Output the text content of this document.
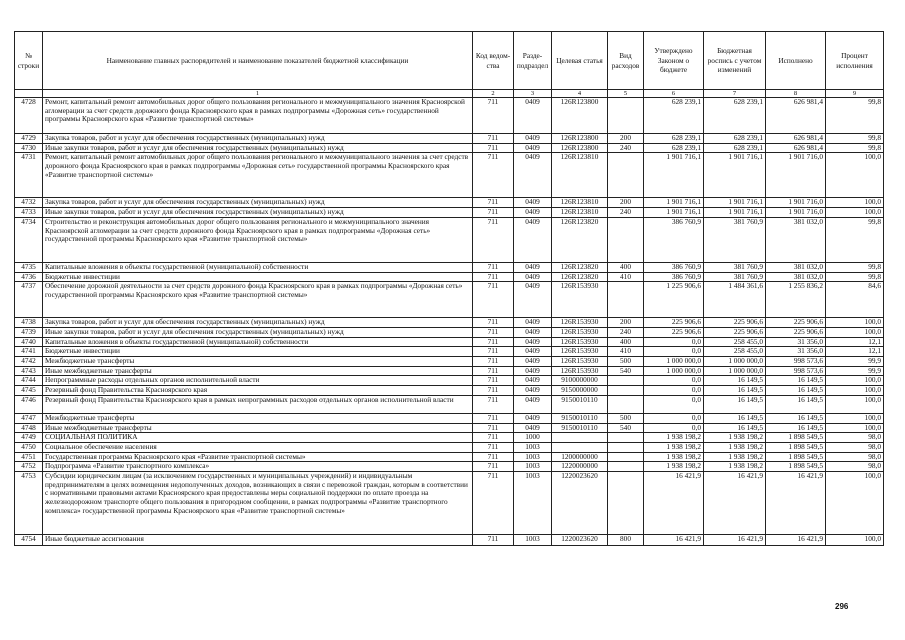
№ строки	Наименование главных распорядителей и наименование показателей бюджетной классификации	Код ведом-ства	Разде-подраздел	Целевая статья	Вид расходов	Утверждено Законом о бюджете	Бюджетная роспись с учетом изменений	Исполнено	Процент исполнения
	1	2	3	4	5	6	7	8	9
4728	Ремонт, капитальный ремонт автомобильных дорог общего пользования регионального и межмуниципального значения Красноярской агломерации за счет средств дорожного фонда Красноярского края в рамках подпрограммы «Дорожная сеть» государственной программы Красноярского края «Развитие транспортной системы»	711	0409	126R123800		628 239,1	628 239,1	626 981,4	99,8
4729	Закупка товаров, работ и услуг для обеспечения государственных (муниципальных) нужд	711	0409	126R123800	200	628 239,1	628 239,1	626 981,4	99,8
4730	Иные закупки товаров, работ и услуг для обеспечения государственных (муниципальных) нужд	711	0409	126R123800	240	628 239,1	628 239,1	626 981,4	99,8
4731	Ремонт, капитальный ремонт автомобильных дорог общего пользования регионального и межмуниципального значения за счет средств дорожного фонда Красноярского края в рамках подпрограммы «Дорожная сеть» государственной программы Красноярского края «Развитие транспортной системы»	711	0409	126R123810		1 901 716,1	1 901 716,1	1 901 716,0	100,0
4732	Закупка товаров, работ и услуг для обеспечения государственных (муниципальных) нужд	711	0409	126R123810	200	1 901 716,1	1 901 716,1	1 901 716,0	100,0
4733	Иные закупки товаров, работ и услуг для обеспечения государственных (муниципальных) нужд	711	0409	126R123810	240	1 901 716,1	1 901 716,1	1 901 716,0	100,0
4734	Строительство и реконструкция автомобильных дорог общего пользования регионального и межмуниципального значения Красноярской агломерации за счет средств дорожного фонда Красноярского края в рамках подпрограммы «Дорожная сеть» государственной программы Красноярского края «Развитие транспортной системы»	711	0409	126R123820		386 760,9	381 760,9	381 032,0	99,8
4735	Капитальные вложения в объекты государственной (муниципальной) собственности	711	0409	126R123820	400	386 760,9	381 760,9	381 032,0	99,8
4736	Бюджетные инвестиции	711	0409	126R123820	410	386 760,9	381 760,9	381 032,0	99,8
4737	Обеспечение дорожной деятельности за счет средств дорожного фонда Красноярского края в рамках подпрограммы «Дорожная сеть» государственной программы Красноярского края «Развитие транспортной системы»	711	0409	126R153930		1 225 906,6	1 484 361,6	1 255 836,2	84,6
4738	Закупка товаров, работ и услуг для обеспечения государственных (муниципальных) нужд	711	0409	126R153930	200	225 906,6	225 906,6	225 906,6	100,0
4739	Иные закупки товаров, работ и услуг для обеспечения государственных (муниципальных) нужд	711	0409	126R153930	240	225 906,6	225 906,6	225 906,6	100,0
4740	Капитальные вложения в объекты государственной (муниципальной) собственности	711	0409	126R153930	400	0,0	258 455,0	31 356,0	12,1
4741	Бюджетные инвестиции	711	0409	126R153930	410	0,0	258 455,0	31 356,0	12,1
4742	Межбюджетные трансферты	711	0409	126R153930	500	1 000 000,0	1 000 000,0	998 573,6	99,9
4743	Иные межбюджетные трансферты	711	0409	126R153930	540	1 000 000,0	1 000 000,0	998 573,6	99,9
4744	Непрограммные расходы отдельных органов исполнительной власти	711	0409	9100000000		0,0	16 149,5	16 149,5	100,0
4745	Резервный фонд Правительства Красноярского края	711	0409	9150000000		0,0	16 149,5	16 149,5	100,0
4746	Резервный фонд Правительства Красноярского края в рамках непрограммных расходов отдельных органов исполнительной власти	711	0409	9150010110		0,0	16 149,5	16 149,5	100,0
4747	Межбюджетные трансферты	711	0409	9150010110	500	0,0	16 149,5	16 149,5	100,0
4748	Иные межбюджетные трансферты	711	0409	9150010110	540	0,0	16 149,5	16 149,5	100,0
4749	СОЦИАЛЬНАЯ ПОЛИТИКА	711	1000			1 938 198,2	1 938 198,2	1 898 549,5	98,0
4750	Социальное обеспечение населения	711	1003			1 938 198,2	1 938 198,2	1 898 549,5	98,0
4751	Государственная программа Красноярского края «Развитие транспортной системы»	711	1003	1200000000		1 938 198,2	1 938 198,2	1 898 549,5	98,0
4752	Подпрограмма «Развитие транспортного комплекса»	711	1003	1220000000		1 938 198,2	1 938 198,2	1 898 549,5	98,0
4753	Субсидии юридическим лицам (за исключением государственных и муниципальных учреждений) и индивидуальным предпринимателям в целях возмещения недополученных доходов, возникающих в связи с перевозкой граждан, которым в соответствии с нормативными правовыми актами Красноярского края предоставлены меры социальной поддержки по оплате проезда на железнодорожном транспорте общего пользования в пригородном сообщении, в рамках подпрограммы «Развитие транспортного комплекса» государственной программы Красноярского края «Развитие транспортной системы»	711	1003	1220023620		16 421,9	16 421,9	16 421,9	100,0
4754	Иные бюджетные ассигнования	711	1003	1220023620	800	16 421,9	16 421,9	16 421,9	100,0
296
